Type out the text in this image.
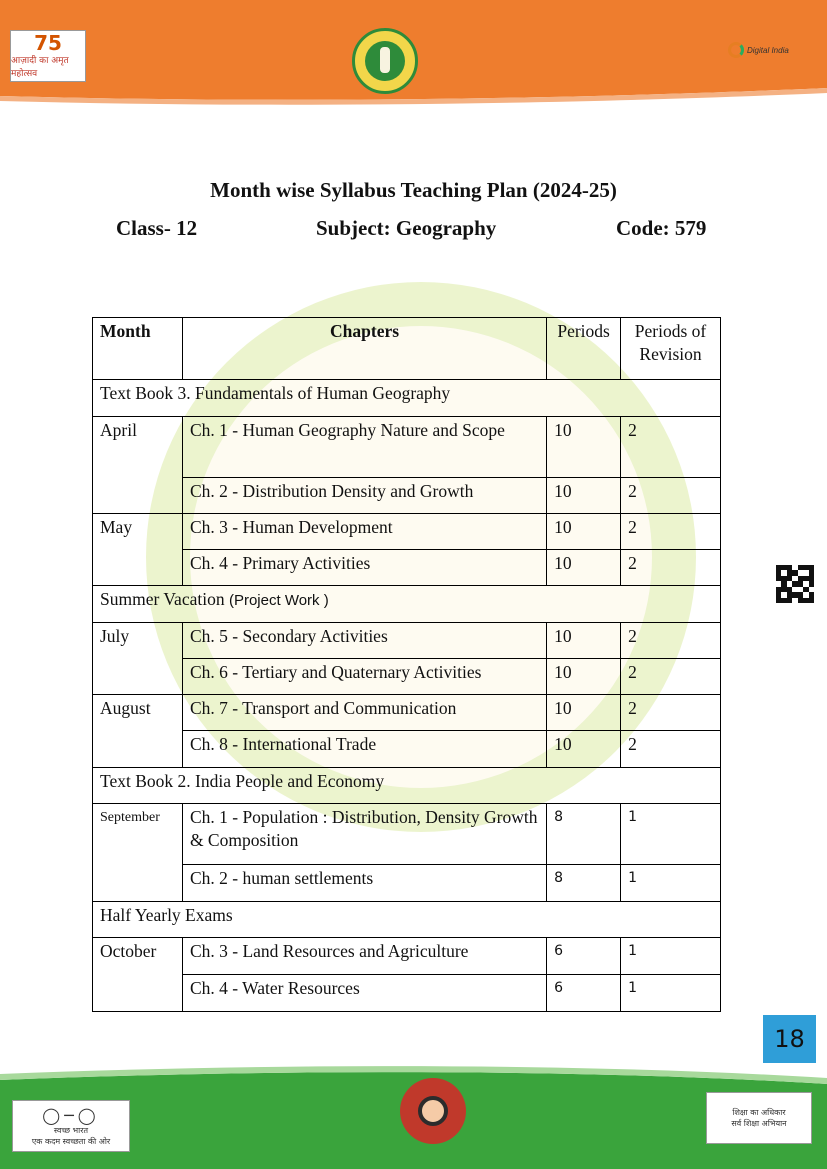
75
आज़ादी का अमृत महोत्सव
Digital India
Month wise Syllabus Teaching Plan (2024-25)
Class- 12	Subject: Geography	Code: 579
Month	Chapters	Periods	Periods of Revision
Text Book 3. Fundamentals of Human Geography			
April	Ch. 1 - Human Geography Nature and Scope	10	2
	Ch. 2 - Distribution Density and Growth	10	2
May	Ch. 3 - Human Development	10	2
	Ch. 4 - Primary Activities	10	2
Summer Vacation (Project Work )			
July	Ch. 5 - Secondary Activities	10	2
	Ch. 6 - Tertiary and Quaternary Activities	10	2
August	Ch. 7 - Transport and Communication	10	2
	Ch. 8 - International Trade	10	2
Text Book 2. India People and Economy			
September	Ch. 1 - Population : Distribution, Density Growth & Composition	8	1
	Ch. 2 - human settlements	8	1
Half Yearly Exams			
October	Ch. 3 - Land Resources and Agriculture	6	1
	Ch. 4 - Water Resources	6	1
18
◯─◯
स्वच्छ भारत
एक कदम स्वच्छता की ओर
शिक्षा का अधिकार
सर्व शिक्षा अभियान
